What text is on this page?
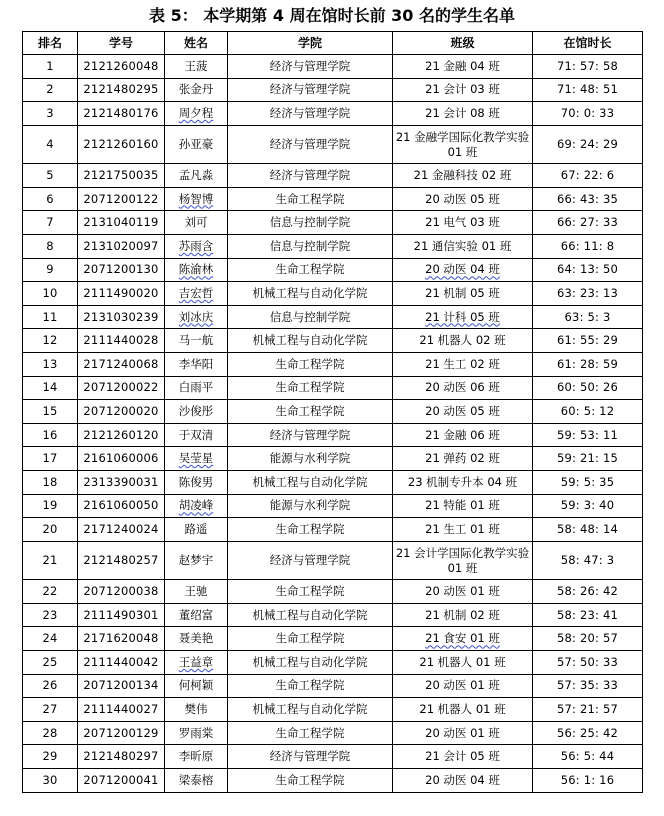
表 5： 本学期第 4 周在馆时长前 30 名的学生名单
排名	学号	姓名	学院	班级	在馆时长
1	2121260048	王菠	经济与管理学院	21 金融 04 班	71: 57: 58
2	2121480295	张金丹	经济与管理学院	21 会计 03 班	71: 48: 51
3	2121480176	周夕程	经济与管理学院	21 会计 08 班	70: 0: 33
4	2121260160	孙亚豪	经济与管理学院	21 金融学国际化教学实验 01 班	69: 24: 29
5	2121750035	孟凡淼	经济与管理学院	21 金融科技 02 班	67: 22: 6
6	2071200122	杨智博	生命工程学院	20 动医 05 班	66: 43: 35
7	2131040119	刘可	信息与控制学院	21 电气 03 班	66: 27: 33
8	2131020097	苏雨含	信息与控制学院	21 通信实验 01 班	66: 11: 8
9	2071200130	陈渝林	生命工程学院	20 动医 04 班	64: 13: 50
10	2111490020	吉宏哲	机械工程与自动化学院	21 机制 05 班	63: 23: 13
11	2131030239	刘冰庆	信息与控制学院	21 计科 05 班	63: 5: 3
12	2111440028	马一航	机械工程与自动化学院	21 机器人 02 班	61: 55: 29
13	2171240068	李华阳	生命工程学院	21 生工 02 班	61: 28: 59
14	2071200022	白雨平	生命工程学院	20 动医 06 班	60: 50: 26
15	2071200020	沙俊彤	生命工程学院	20 动医 05 班	60: 5: 12
16	2121260120	于双清	经济与管理学院	21 金融 06 班	59: 53: 11
17	2161060006	吴莹星	能源与水利学院	21 弹药 02 班	59: 21: 15
18	2313390031	陈俊男	机械工程与自动化学院	23 机制专升本 04 班	59: 5: 35
19	2161060050	胡凌峰	能源与水利学院	21 特能 01 班	59: 3: 40
20	2171240024	路遥	生命工程学院	21 生工 01 班	58: 48: 14
21	2121480257	赵梦宇	经济与管理学院	21 会计学国际化教学实验 01 班	58: 47: 3
22	2071200038	王驰	生命工程学院	20 动医 01 班	58: 26: 42
23	2111490301	董绍富	机械工程与自动化学院	21 机制 02 班	58: 23: 41
24	2171620048	聂美艳	生命工程学院	21 食安 01 班	58: 20: 57
25	2111440042	王益章	机械工程与自动化学院	21 机器人 01 班	57: 50: 33
26	2071200134	何柯颖	生命工程学院	20 动医 01 班	57: 35: 33
27	2111440027	樊伟	机械工程与自动化学院	21 机器人 01 班	57: 21: 57
28	2071200129	罗雨棠	生命工程学院	20 动医 01 班	56: 25: 42
29	2121480297	李昕原	经济与管理学院	21 会计 05 班	56: 5: 44
30	2071200041	梁泰榕	生命工程学院	20 动医 04 班	56: 1: 16
